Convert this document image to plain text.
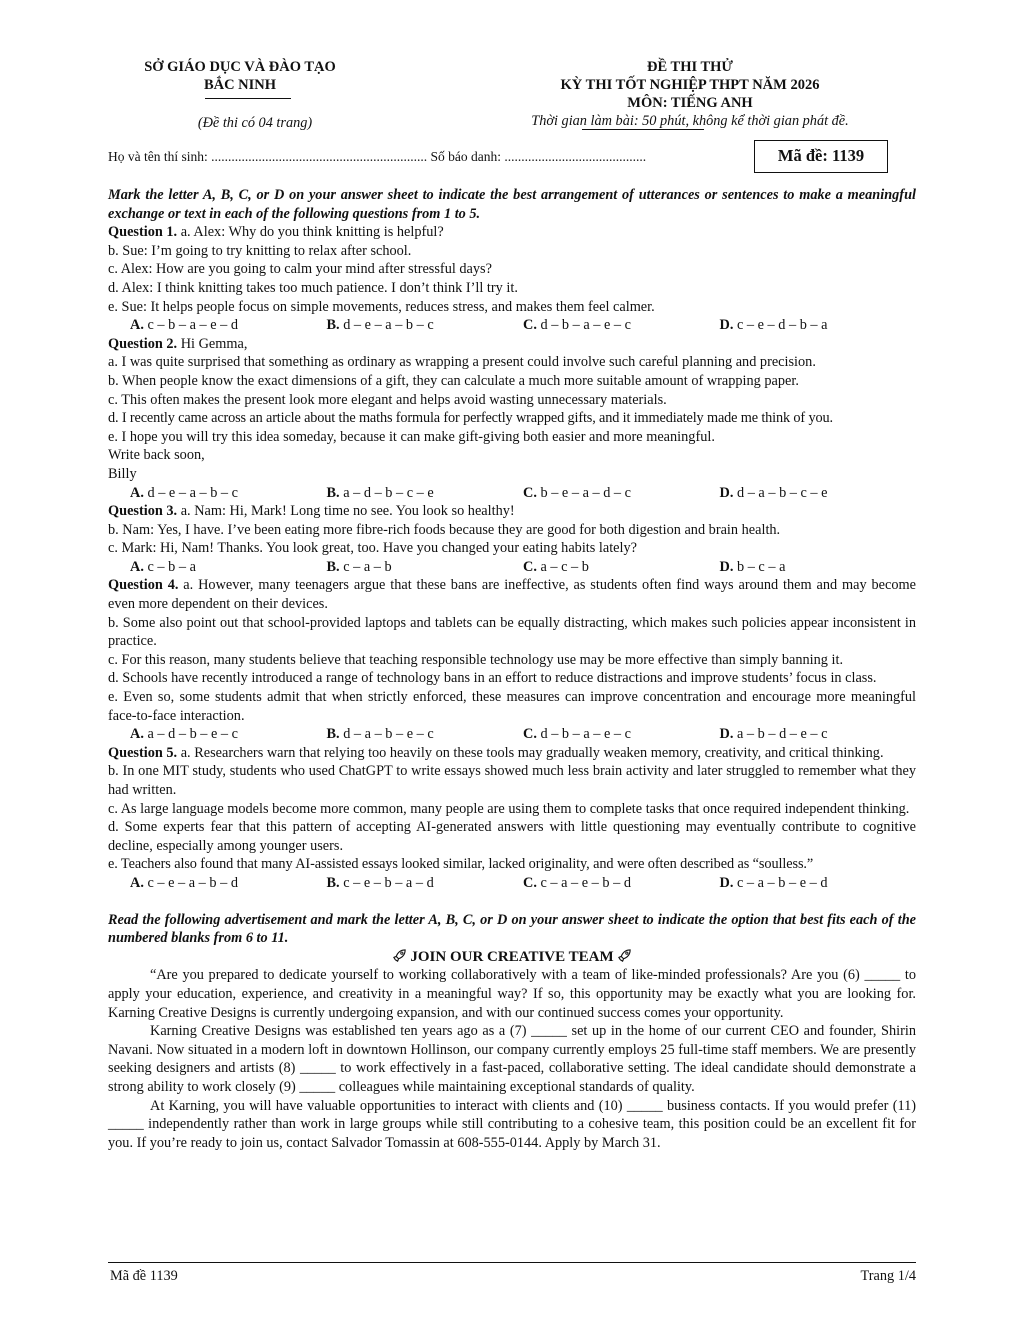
SỞ GIÁO DỤC VÀ ĐÀO TẠO
BẮC NINH
(Đề thi có 04 trang)
ĐỀ THI THỬ
KỲ THI TỐT NGHIỆP THPT NĂM 2026
MÔN: TIẾNG ANH
Thời gian làm bài: 50 phút, không kể thời gian phát đề.
Họ và tên thí sinh: ................................................................ Số báo danh: ..........................................	Mã đề: 1139

Mark the letter A, B, C, or D on your answer sheet to indicate the best arrangement of utterances or sentences to make a meaningful exchange or text in each of the following questions from 1 to 5.

Question 1. a. Alex: Why do you think knitting is helpful?

b. Sue: I’m going to try knitting to relax after school.

c. Alex: How are you going to calm your mind after stressful days?

d. Alex: I think knitting takes too much patience. I don’t think I’ll try it.

e. Sue: It helps people focus on simple movements, reduces stress, and makes them feel calmer.

A. c – b – a – e – d	B. d – e – a – b – c	C. d – b – a – e – c	D. c – e – d – b – a

Question 2. Hi Gemma,

a. I was quite surprised that something as ordinary as wrapping a present could involve such careful planning and precision.

b. When people know the exact dimensions of a gift, they can calculate a much more suitable amount of wrapping paper.

c. This often makes the present look more elegant and helps avoid wasting unnecessary materials.

d. I recently came across an article about the maths formula for perfectly wrapped gifts, and it immediately made me think of you.

e. I hope you will try this idea someday, because it can make gift-giving both easier and more meaningful.

Write back soon,

Billy

A. d – e – a – b – c	B. a – d – b – c – e	C. b – e – a – d – c	D. d – a – b – c – e

Question 3. a. Nam: Hi, Mark! Long time no see. You look so healthy!

b. Nam: Yes, I have. I’ve been eating more fibre-rich foods because they are good for both digestion and brain health.

c. Mark: Hi, Nam! Thanks. You look great, too. Have you changed your eating habits lately?

A. c – b – a	B. c – a – b	C. a – c – b	D. b – c – a

Question 4. a. However, many teenagers argue that these bans are ineffective, as students often find ways around them and may become even more dependent on their devices.

b. Some also point out that school-provided laptops and tablets can be equally distracting, which makes such policies appear inconsistent in practice.

c. For this reason, many students believe that teaching responsible technology use may be more effective than simply banning it.

d. Schools have recently introduced a range of technology bans in an effort to reduce distractions and improve students’ focus in class.

e. Even so, some students admit that when strictly enforced, these measures can improve concentration and encourage more meaningful face-to-face interaction.

A. a – d – b – e – c	B. d – a – b – e – c	C. d – b – a – e – c	D. a – b – d – e – c

Question 5. a. Researchers warn that relying too heavily on these tools may gradually weaken memory, creativity, and critical thinking.

b. In one MIT study, students who used ChatGPT to write essays showed much less brain activity and later struggled to remember what they had written.

c. As large language models become more common, many people are using them to complete tasks that once required independent thinking.

d. Some experts fear that this pattern of accepting AI-generated answers with little questioning may eventually contribute to cognitive decline, especially among younger users.

e. Teachers also found that many AI-assisted essays looked similar, lacked originality, and were often described as “soulless.”

A. c – e – a – b – d	B. c – e – b – a – d	C. c – a – e – b – d	D. c – a – b – e – d

Read the following advertisement and mark the letter A, B, C, or D on your answer sheet to indicate the option that best fits each of the numbered blanks from 6 to 11.

JOIN OUR CREATIVE TEAM

“Are you prepared to dedicate yourself to working collaboratively with a team of like-minded professionals? Are you (6) _____ to apply your education, experience, and creativity in a meaningful way? If so, this opportunity may be exactly what you are looking for. Karning Creative Designs is currently undergoing expansion, and with our continued success comes your opportunity.

Karning Creative Designs was established ten years ago as a (7) _____ set up in the home of our current CEO and founder, Shirin Navani. Now situated in a modern loft in downtown Hollinson, our company currently employs 25 full-time staff members. We are presently seeking designers and artists (8) _____ to work effectively in a fast-paced, collaborative setting. The ideal candidate should demonstrate a strong ability to work closely (9) _____ colleagues while maintaining exceptional standards of quality.

At Karning, you will have valuable opportunities to interact with clients and (10) _____ business contacts. If you would prefer (11) _____ independently rather than work in large groups while still contributing to a cohesive team, this position could be an excellent fit for you. If you’re ready to join us, contact Salvador Tomassin at 608-555-0144. Apply by March 31.

Mã đề 1139	Trang 1/4
